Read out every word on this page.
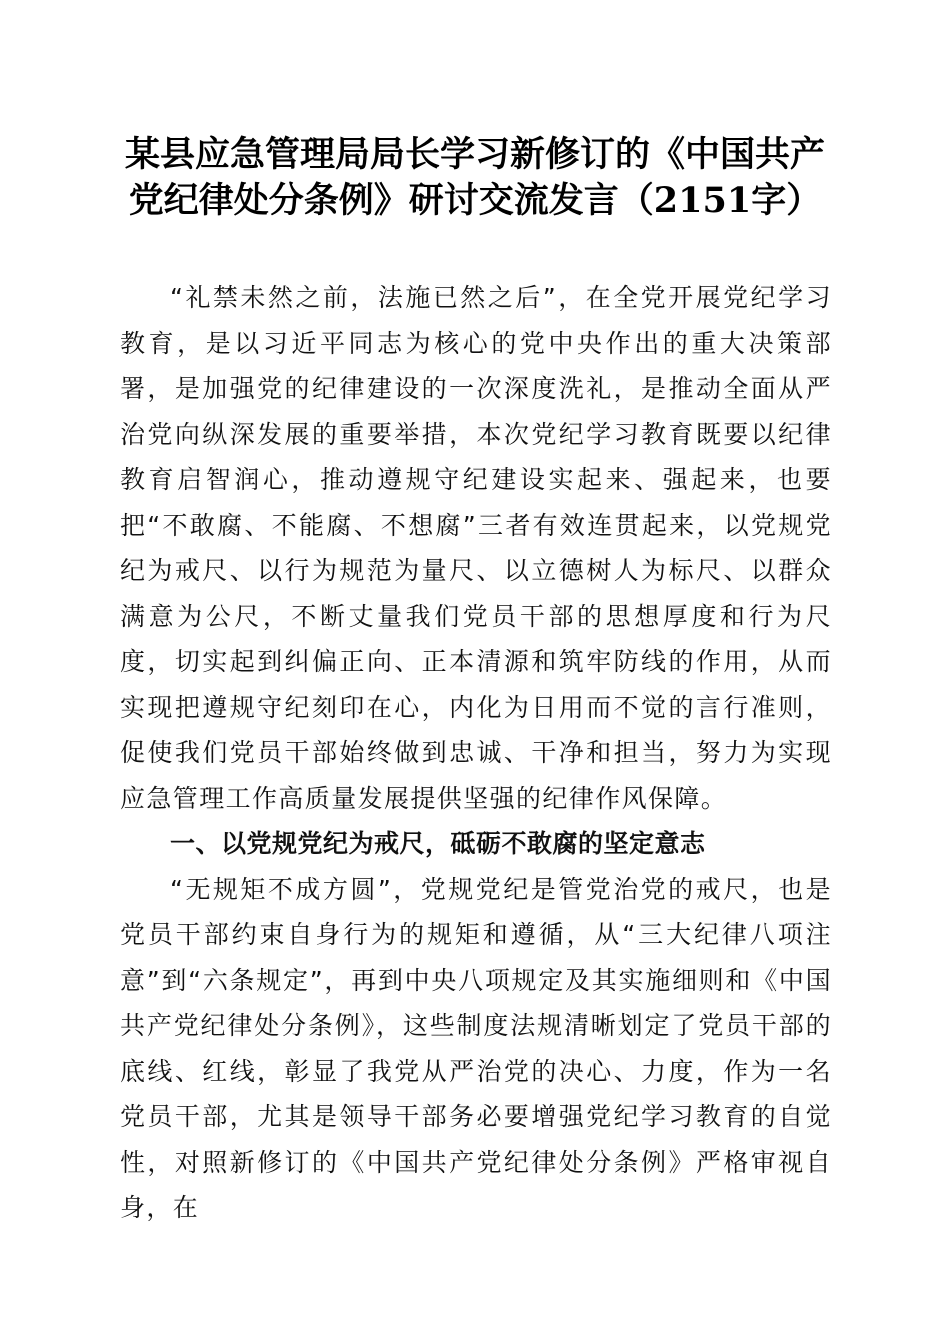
某县应急管理局局长学习新修订的《中国共产
党纪律处分条例》研讨交流发言（2151字）

“礼禁未然之前，法施已然之后”，在全党开展党纪学习教育，是以习近平同志为核心的党中央作出的重大决策部署，是加强党的纪律建设的一次深度洗礼，是推动全面从严治党向纵深发展的重要举措，本次党纪学习教育既要以纪律教育启智润心，推动遵规守纪建设实起来、强起来，也要把“不敢腐、不能腐、不想腐”三者有效连贯起来，以党规党纪为戒尺、以行为规范为量尺、以立德树人为标尺、以群众满意为公尺，不断丈量我们党员干部的思想厚度和行为尺度，切实起到纠偏正向、正本清源和筑牢防线的作用，从而实现把遵规守纪刻印在心，内化为日用而不觉的言行准则，促使我们党员干部始终做到忠诚、干净和担当，努力为实现应急管理工作高质量发展提供坚强的纪律作风保障。

一、以党规党纪为戒尺，砥砺不敢腐的坚定意志

“无规矩不成方圆”，党规党纪是管党治党的戒尺，也是党员干部约束自身行为的规矩和遵循，从“三大纪律八项注意”到“六条规定”，再到中央八项规定及其实施细则和《中国共产党纪律处分条例》，这些制度法规清晰划定了党员干部的底线、红线，彰显了我党从严治党的决心、力度，作为一名党员干部，尤其是领导干部务必要增强党纪学习教育的自觉性，对照新修订的《中国共产党纪律处分条例》严格审视自身，在
